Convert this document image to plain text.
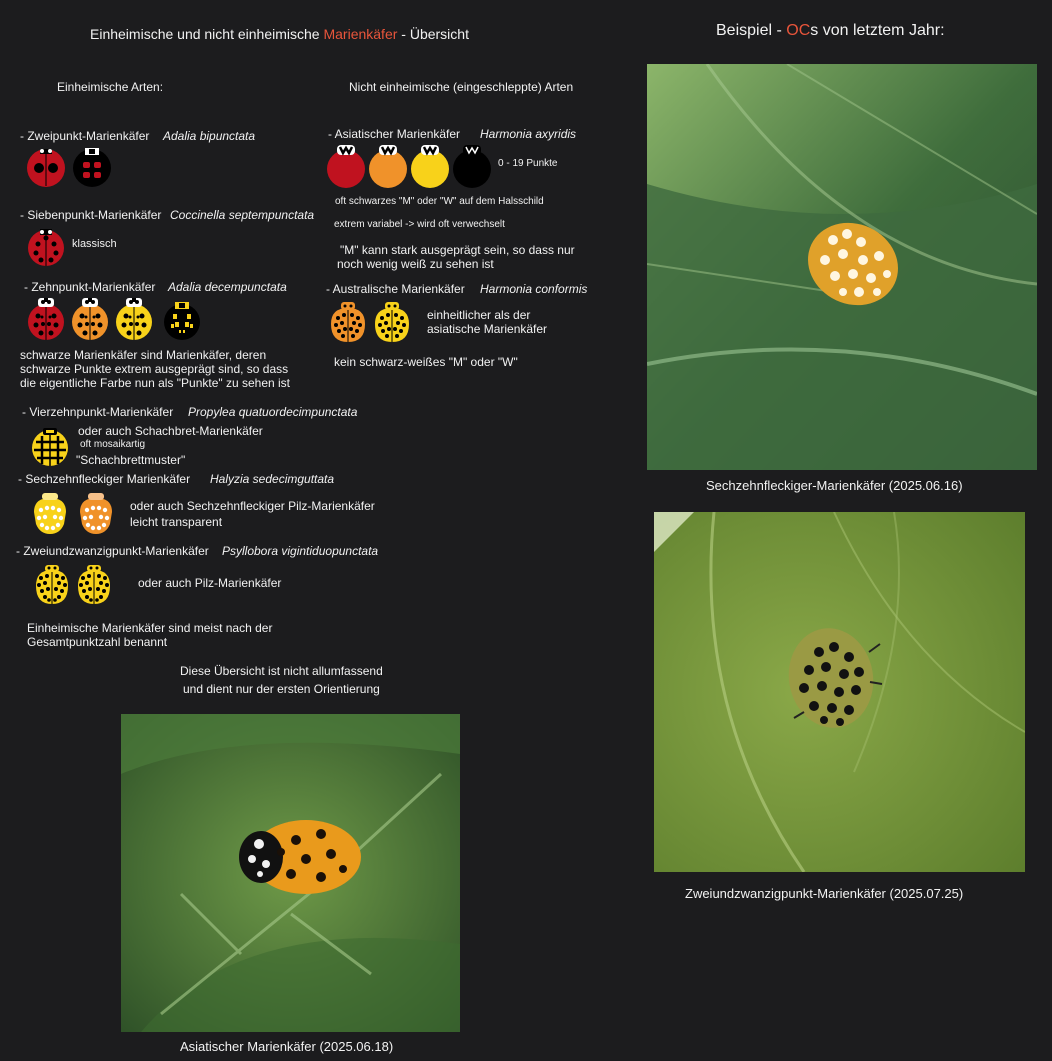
Einheimische und nicht einheimische Marienkäfer - Übersicht
Einheimische Arten:	Nicht einheimische (eingeschleppte) Arten
- Zweipunkt-Marienkäfer Adalia bipunctata
- Siebenpunkt-Marienkäfer Coccinella septempunctata
klassisch
- Zehnpunkt-Marienkäfer Adalia decempunctata
schwarze Marienkäfer sind Marienkäfer, deren
schwarze Punkte extrem ausgeprägt sind, so dass
die eigentliche Farbe nun als "Punkte" zu sehen ist
- Vierzehnpunkt-Marienkäfer Propylea quatuordecimpunctata
oder auch Schachbret-Marienkäfer
oft mosaikartig
"Schachbrettmuster"
- Sechzehnfleckiger Marienkäfer Halyzia sedecimguttata
oder auch Sechzehnfleckiger Pilz-Marienkäfer
leicht transparent
- Zweiundzwanzigpunkt-Marienkäfer Psyllobora vigintiduopunctata
oder auch Pilz-Marienkäfer
Einheimische Marienkäfer sind meist nach der
Gesamtpunktzahl benannt
Diese Übersicht ist nicht allumfassend
und dient nur der ersten Orientierung
- Asiatischer Marienkäfer Harmonia axyridis
0 - 19 Punkte
oft schwarzes "M" oder "W" auf dem Halsschild
extrem variabel -> wird oft verwechselt
"M" kann stark ausgeprägt sein, so dass nur
noch wenig weiß zu sehen ist
- Australische Marienkäfer Harmonia conformis
einheitlicher als der
asiatische Marienkäfer
kein schwarz-weißes "M" oder "W"
Asiatischer Marienkäfer (2025.06.18)
Beispiel - OCs von letztem Jahr:
Sechzehnfleckiger-Marienkäfer (2025.06.16)
Zweiundzwanzigpunkt-Marienkäfer (2025.07.25)
